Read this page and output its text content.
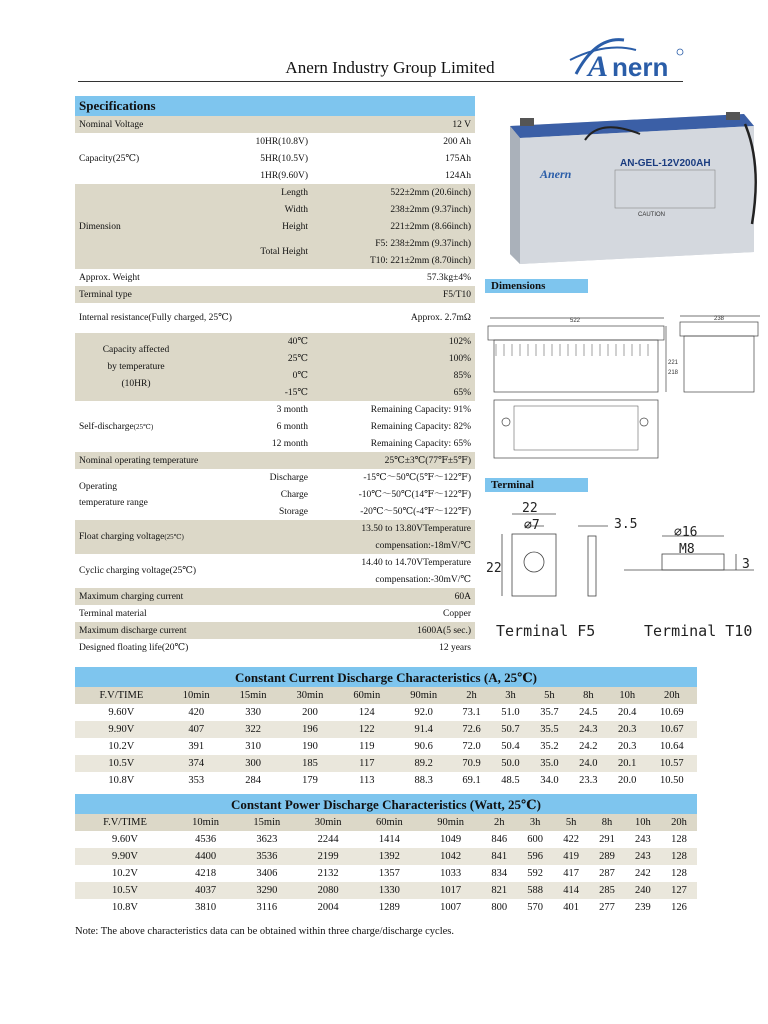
Anern Industry Group Limited	A nern
Specifications		
Nominal Voltage		12 V
Capacity(25℃)	10HR(10.8V)	200 Ah
	5HR(10.5V)	175Ah
	1HR(9.60V)	124Ah
Dimension	Length	522±2mm (20.6inch)
	Width	238±2mm (9.37inch)
	Height	221±2mm (8.66inch)
	Total Height	F5: 238±2mm (9.37inch)
		T10: 221±2mm (8.70inch)
Approx. Weight		57.3kg±4%
Terminal type		F5/T10
Internal resistance(Fully charged, 25℃)		Approx. 2.7mΩ
Capacity affected
by temperature
(10HR)	40℃	102%
	25℃	100%
	0℃	85%
	-15℃	65%
Self-discharge(25℃)	3 month	Remaining Capacity: 91%
	6 month	Remaining Capacity: 82%
	12 month	Remaining Capacity: 65%
Nominal operating temperature		25℃±3℃(77℉±5℉)
Operating
temperature range	Discharge	-15℃～50℃(5℉～122℉)
	Charge	-10℃～50℃(14℉～122℉)
	Storage	-20℃～50℃(-4℉～122℉)
Float charging voltage(25℃)		13.50 to 13.80VTemperature
		compensation:-18mV/℃
Cyclic charging voltage(25℃)		14.40 to 14.70VTemperature
		compensation:-30mV/℃
Maximum charging current		60A
Terminal material		Copper
Maximum discharge current		1600A(5 sec.)
Designed floating life(20℃)		12 years
Anern
AN-GEL-12V200AH
CAUTION
Dimensions
522	238
221
218
Terminal
22
⌀7
22
3.5
⌀16
M8
3
Terminal F5	Terminal T10
Constant Current Discharge Characteristics (A, 25℃)											
F.V/TIME	10min	15min	30min	60min	90min	2h	3h	5h	8h	10h	20h
9.60V	420	330	200	124	92.0	73.1	51.0	35.7	24.5	20.4	10.69
9.90V	407	322	196	122	91.4	72.6	50.7	35.5	24.3	20.3	10.67
10.2V	391	310	190	119	90.6	72.0	50.4	35.2	24.2	20.3	10.64
10.5V	374	300	185	117	89.2	70.9	50.0	35.0	24.0	20.1	10.57
10.8V	353	284	179	113	88.3	69.1	48.5	34.0	23.3	20.0	10.50
Constant Power Discharge Characteristics (Watt, 25℃)											
F.V/TIME	10min	15min	30min	60min	90min	2h	3h	5h	8h	10h	20h
9.60V	4536	3623	2244	1414	1049	846	600	422	291	243	128
9.90V	4400	3536	2199	1392	1042	841	596	419	289	243	128
10.2V	4218	3406	2132	1357	1033	834	592	417	287	242	128
10.5V	4037	3290	2080	1330	1017	821	588	414	285	240	127
10.8V	3810	3116	2004	1289	1007	800	570	401	277	239	126
Note: The above characteristics data can be obtained within three charge/discharge cycles.
